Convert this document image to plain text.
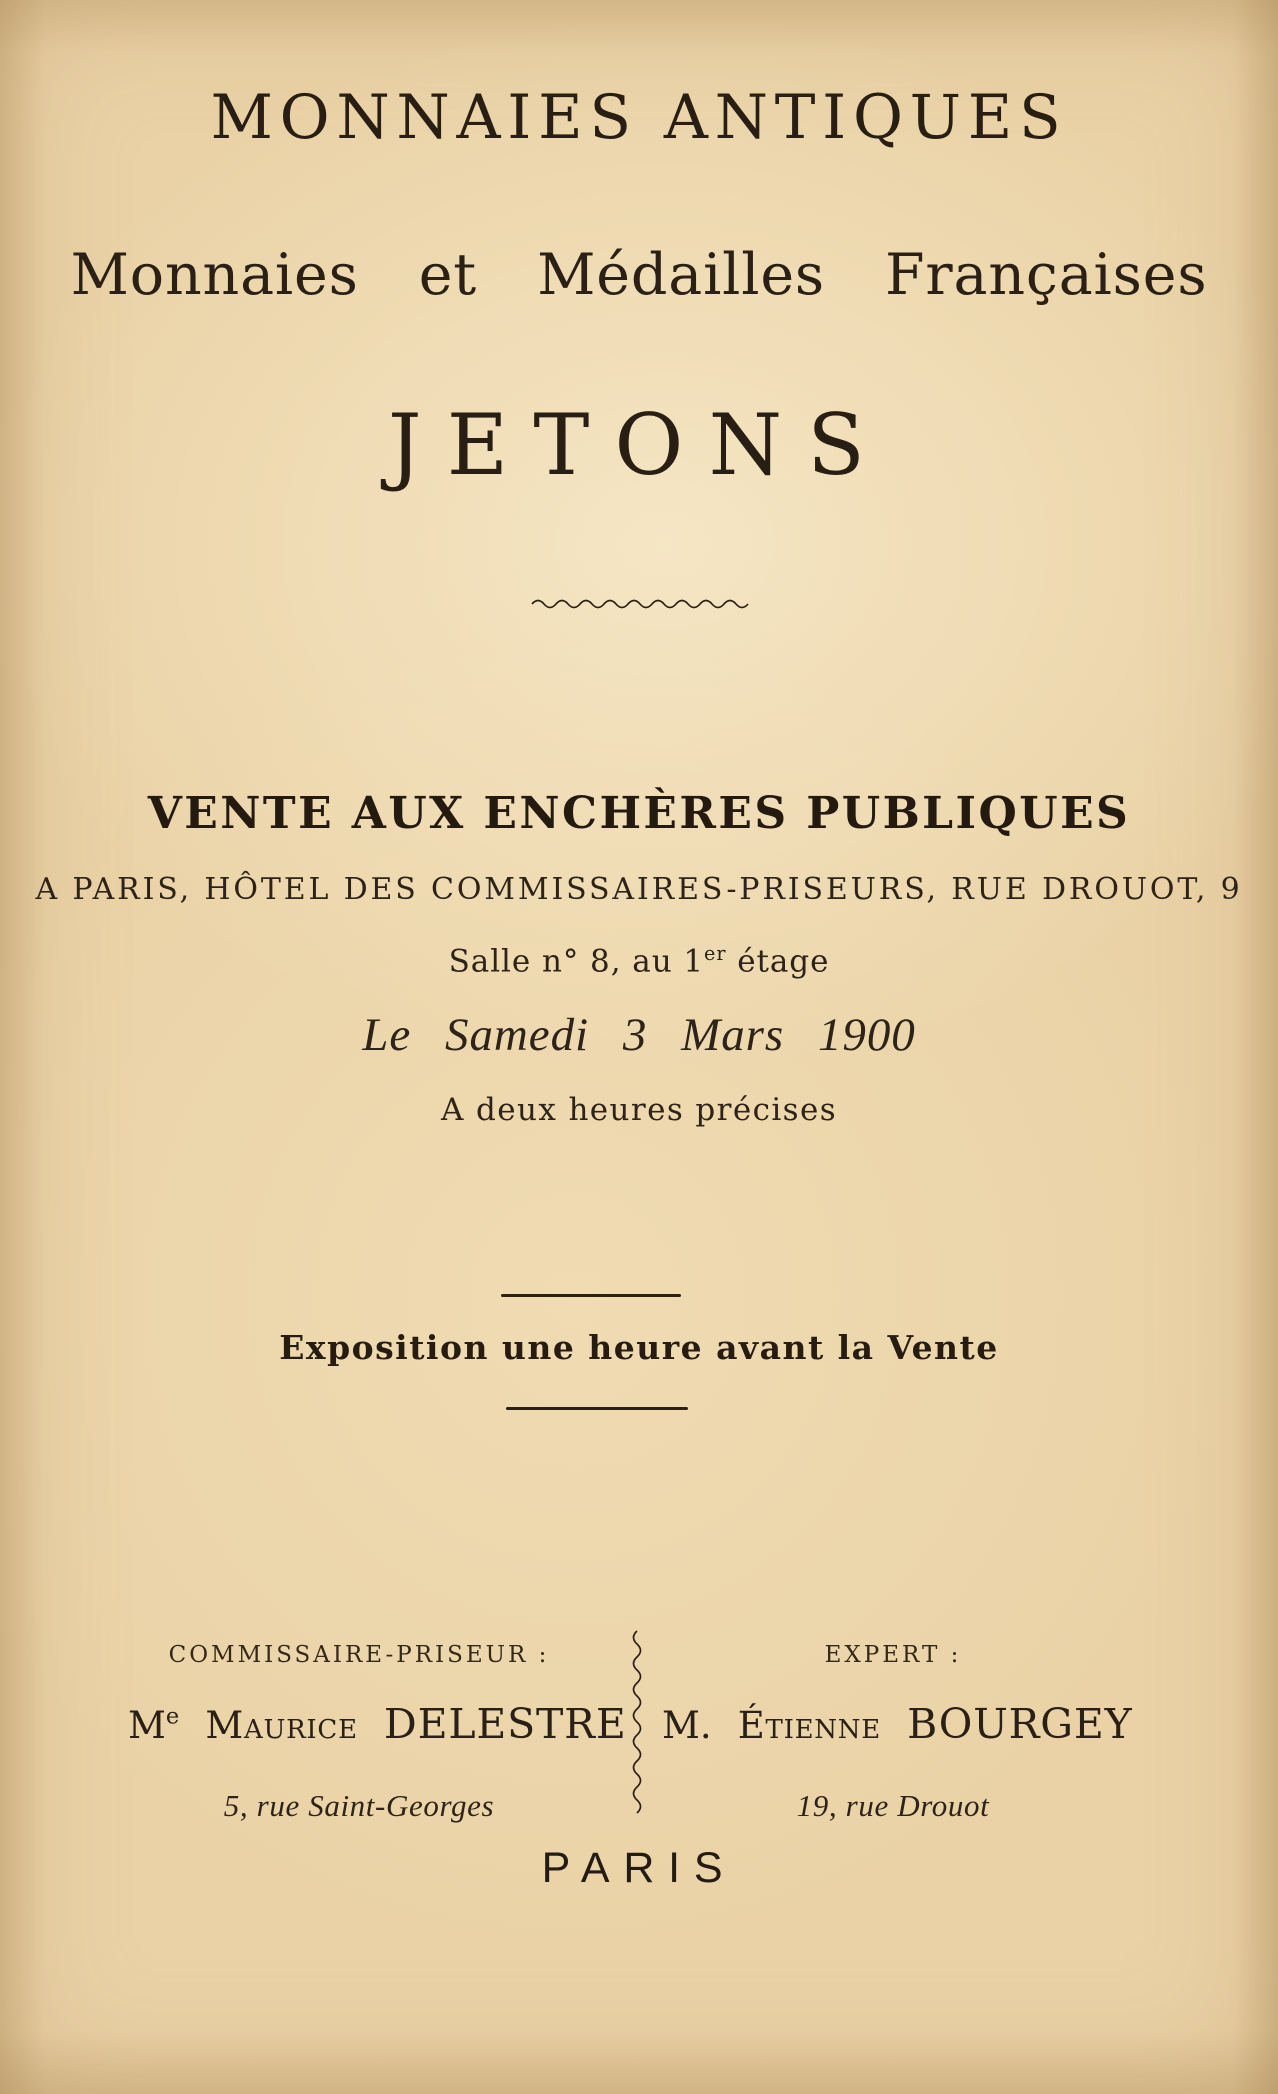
MONNAIES ANTIQUES
Monnaies et Médailles Françaises
JETONS
VENTE AUX ENCHÈRES PUBLIQUES
A PARIS, HÔTEL DES COMMISSAIRES-PRISEURS, RUE DROUOT, 9
Salle n° 8, au 1er étage
Le Samedi 3 Mars 1900
A deux heures précises
Exposition une heure avant la Vente
COMMISSAIRE-PRISEUR :	EXPERT :
Me Maurice DELESTRE M. Étienne BOURGEY
5, rue Saint-Georges	19, rue Drouot
PARIS
